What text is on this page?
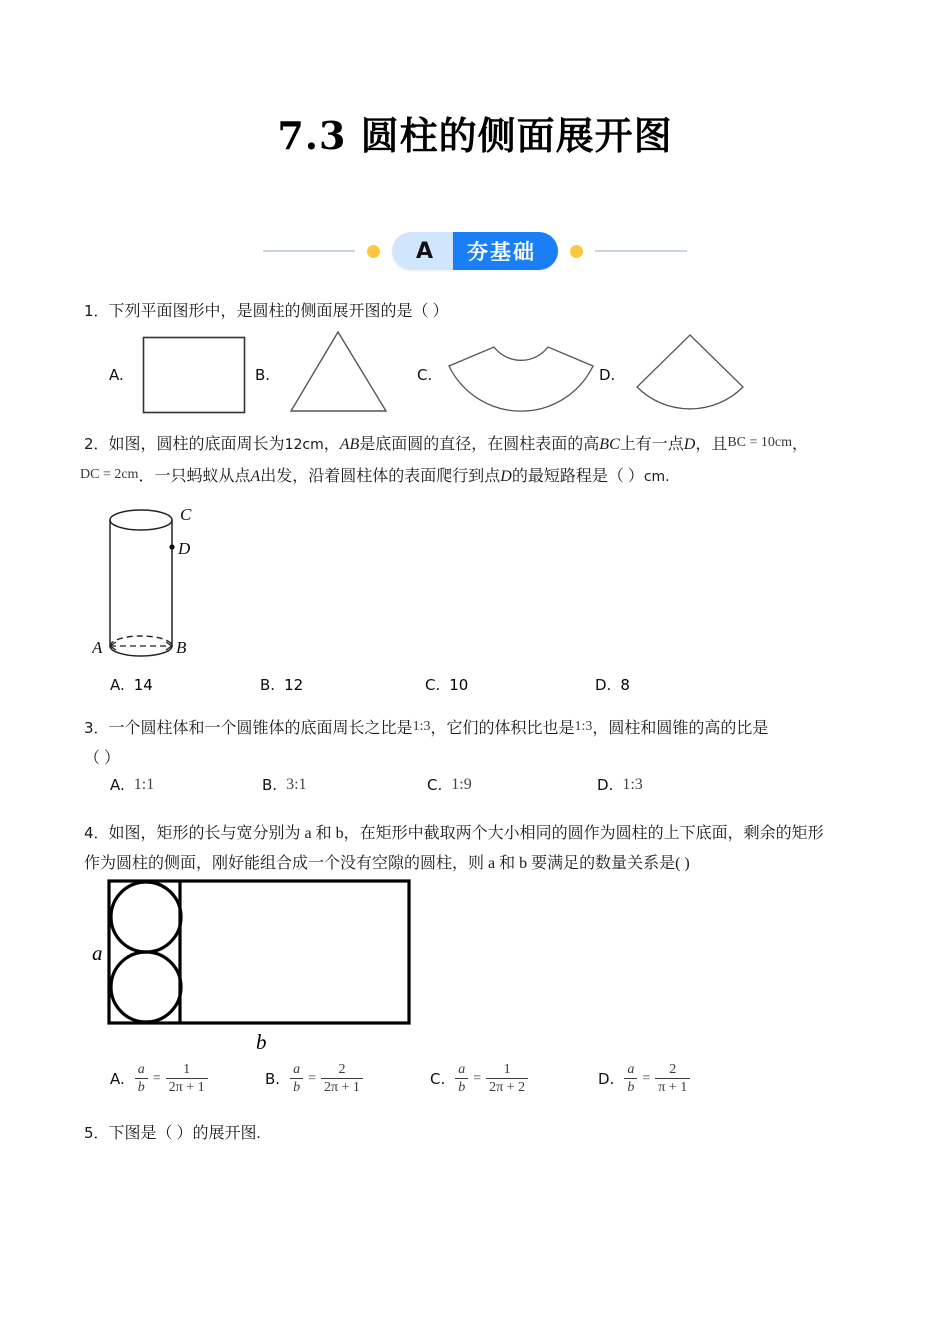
7.3 圆柱的侧面展开图
A	夯基础
1．下列平面图形中，是圆柱的侧面展开图的是（ ）
A.	B.	C.	D.
2．如图，圆柱的底面周长为12cm，AB是底面圆的直径，在圆柱表面的高BC上有一点D，且BC = 10cm，
DC = 2cm．一只蚂蚁从点A出发，沿着圆柱体的表面爬行到点D的最短路程是（ ）cm.
C
D
A	B
A. 14	B. 12	C. 10	D. 8
3．一个圆柱体和一个圆锥体的底面周长之比是1:3，它们的体积比也是1:3，圆柱和圆锥的高的比是
（ ）
A. 1:1	B. 3:1	C. 1:9	D. 1:3
4．如图，矩形的长与宽分别为 a 和 b，在矩形中截取两个大小相同的圆作为圆柱的上下底面，剩余的矩形
作为圆柱的侧面，刚好能组合成一个没有空隙的圆柱，则 a 和 b 要满足的数量关系是( )
a
b
A. $\frac{a}{b} = \frac{1}{2\pi + 1}$	B. $\frac{a}{b} = \frac{2}{2\pi + 1}$	C. $\frac{a}{b} = \frac{1}{2\pi + 2}$	D. $\frac{a}{b} = \frac{2}{\pi + 1}$
5．下图是（ ）的展开图.
